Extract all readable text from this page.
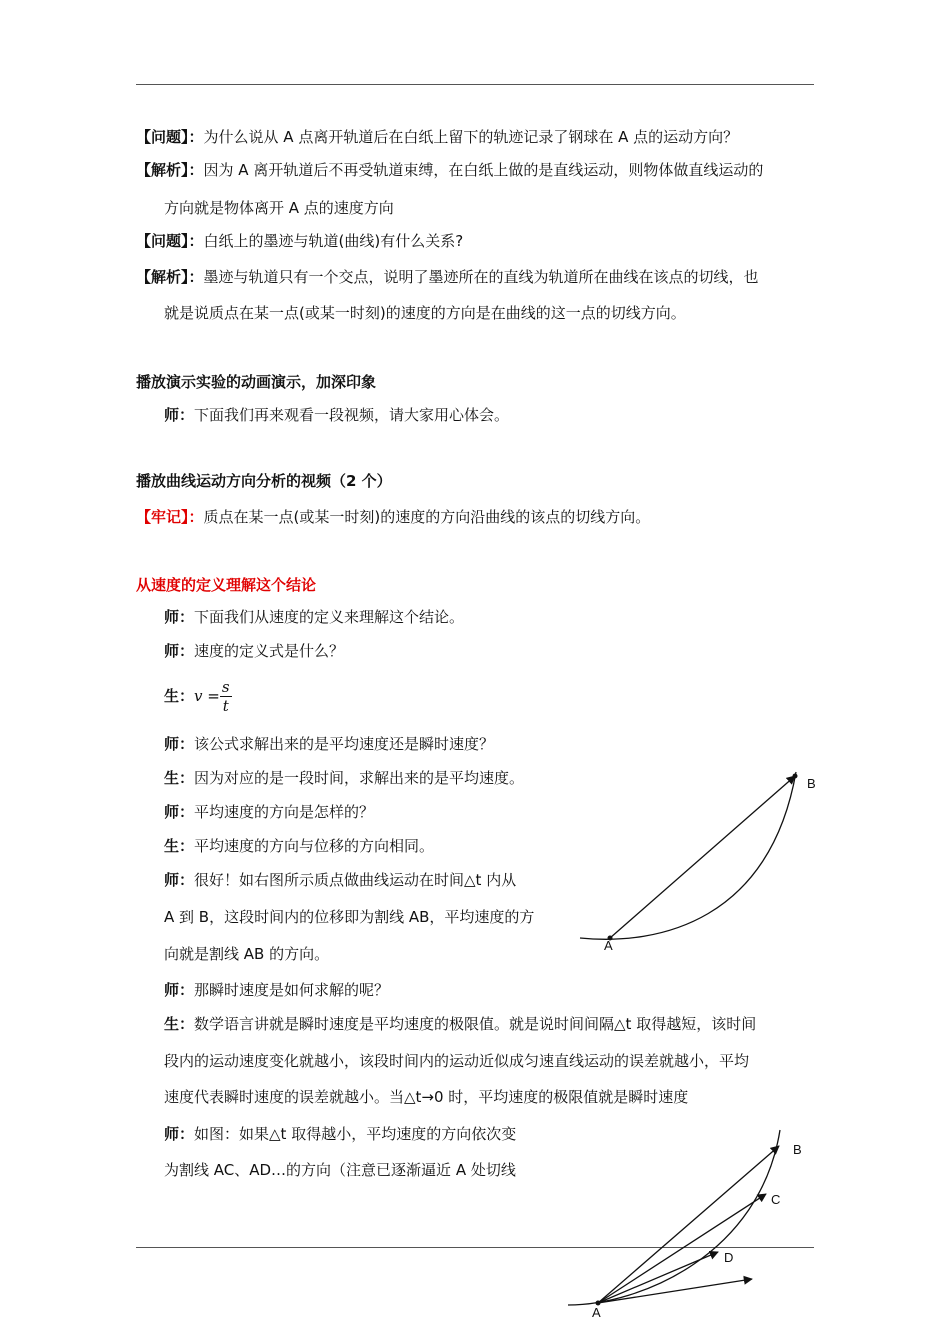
【问题】：为什么说从 A 点离开轨道后在白纸上留下的轨迹记录了钢球在 A 点的运动方向？
【解析】：因为 A 离开轨道后不再受轨道束缚，在白纸上做的是直线运动，则物体做直线运动的
方向就是物体离开 A 点的速度方向
【问题】：白纸上的墨迹与轨道(曲线)有什么关系?
【解析】：墨迹与轨道只有一个交点，说明了墨迹所在的直线为轨道所在曲线在该点的切线，也
就是说质点在某一点(或某一时刻)的速度的方向是在曲线的这一点的切线方向。
播放演示实验的动画演示，加深印象
师：下面我们再来观看一段视频，请大家用心体会。
播放曲线运动方向分析的视频（2 个）
【牢记】：质点在某一点(或某一时刻)的速度的方向沿曲线的该点的切线方向。
从速度的定义理解这个结论
师：下面我们从速度的定义来理解这个结论。
师：速度的定义式是什么？
生：$v = \frac{s}{t}$
师：该公式求解出来的是平均速度还是瞬时速度？
生：因为对应的是一段时间，求解出来的是平均速度。
师：平均速度的方向是怎样的？
生：平均速度的方向与位移的方向相同。
师：很好！如右图所示质点做曲线运动在时间△t 内从
A 到 B，这段时间内的位移即为割线 AB，平均速度的方
向就是割线 AB 的方向。
师：那瞬时速度是如何求解的呢？
生：数学语言讲就是瞬时速度是平均速度的极限值。就是说时间间隔△t 取得越短，该时间
段内的运动速度变化就越小，该段时间内的运动近似成匀速直线运动的误差就越小，平均
速度代表瞬时速度的误差就越小。当△t→0 时，平均速度的极限值就是瞬时速度
师：如图：如果△t 取得越小，平均速度的方向依次变
为割线 AC、AD…的方向（注意已逐渐逼近 A 处切线
A
B
A
B
C
D
